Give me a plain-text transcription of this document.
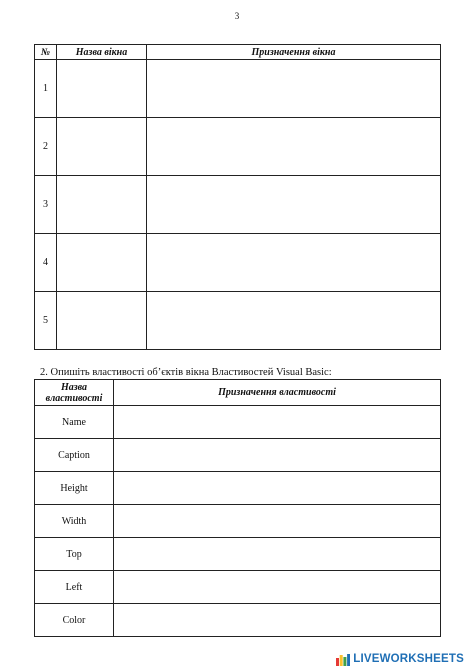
3
№	Назва вікна	Призначення вікна
1		
2		
3		
4		
5		
2. Опишіть властивості об’єктів вікна Властивостей Visual Basic:
Назва
властивості	Призначення властивості
Name	
Caption	
Height	
Width	
Top	
Left	
Color	
LIVEWORKSHEETS
